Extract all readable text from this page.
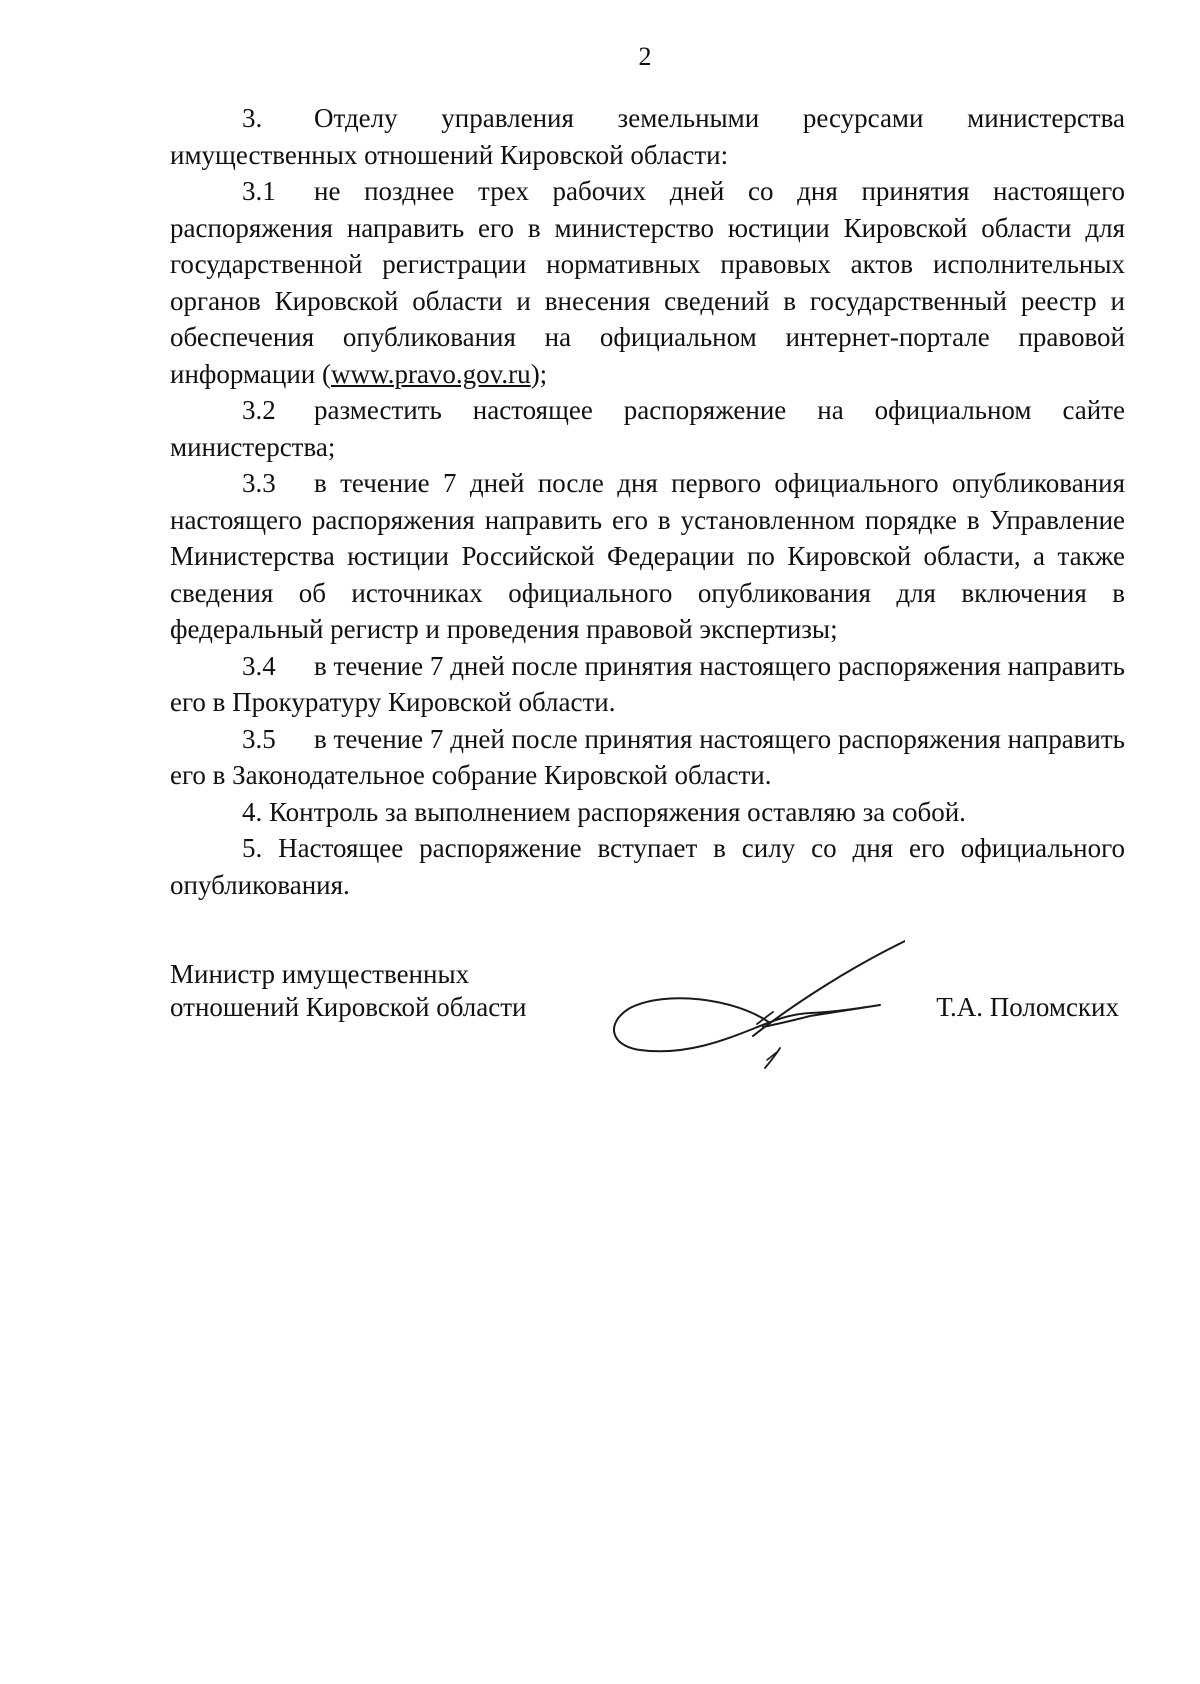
2

3. Отделу управления земельными ресурсами министерства имущественных отношений Кировской области:

3.1 не позднее трех рабочих дней со дня принятия настоящего распоряжения направить его в министерство юстиции Кировской области для государственной регистрации нормативных правовых актов исполнительных органов Кировской области и внесения сведений в государственный реестр и обеспечения опубликования на официальном интернет-портале правовой информации (www.pravo.gov.ru);

3.2 разместить настоящее распоряжение на официальном сайте министерства;

3.3 в течение 7 дней после дня первого официального опубликования настоящего распоряжения направить его в установленном порядке в Управление Министерства юстиции Российской Федерации по Кировской области, а также сведения об источниках официального опубликования для включения в федеральный регистр и проведения правовой экспертизы;

3.4 в течение 7 дней после принятия настоящего распоряжения направить его в Прокуратуру Кировской области.

3.5 в течение 7 дней после принятия настоящего распоряжения направить его в Законодательное собрание Кировской области.

4. Контроль за выполнением распоряжения оставляю за собой.

5. Настоящее распоряжение вступает в силу со дня его официального опубликования.

Министр имущественных
отношений Кировской области	Т.А. Поломских
